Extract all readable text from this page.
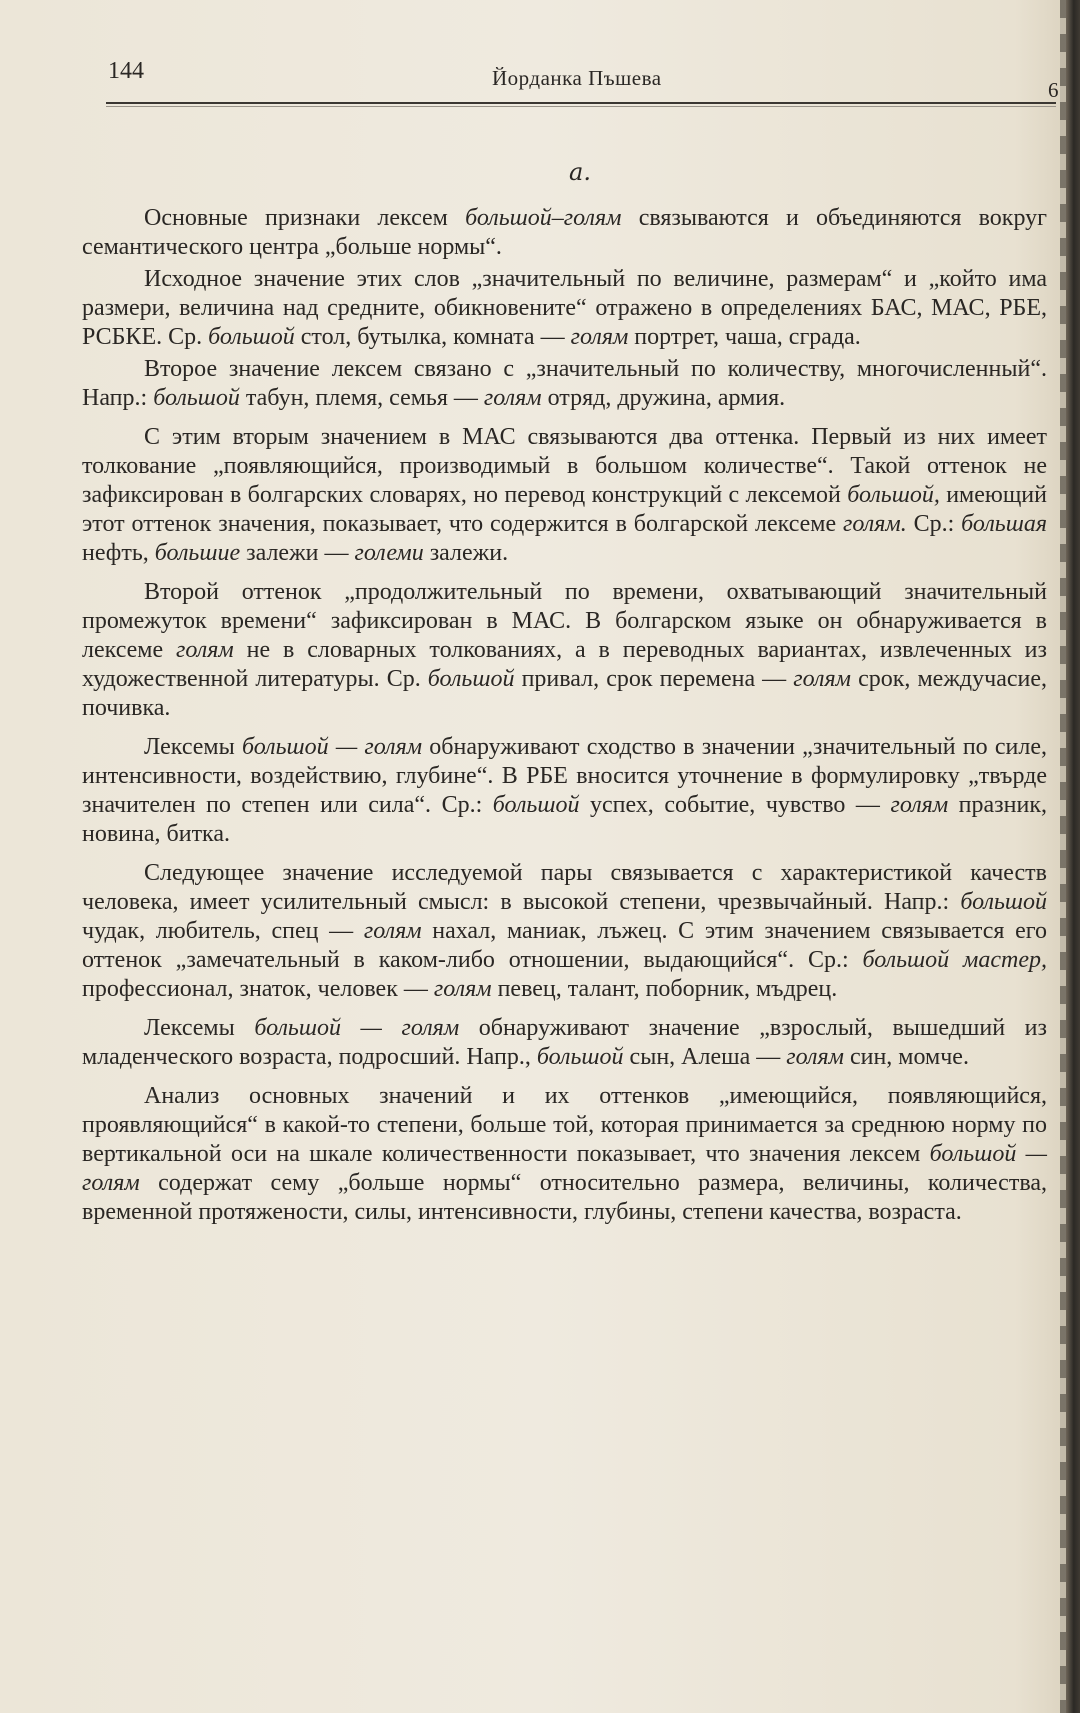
144	Йорданка Пъшева	6
а.

Основные признаки лексем большой–голям связываются и объединяются вокруг семантического центра „больше нормы“.

Исходное значение этих слов „значительный по величине, размерам“ и „който има размери, величина над средните, обикновените“ отражено в определениях БАС, МАС, РБЕ, РСБКЕ. Ср. большой стол, бутылка, комната — голям портрет, чаша, сграда.

Второе значение лексем связано с „значительный по количеству, многочисленный“. Напр.: большой табун, племя, семья — голям отряд, дружина, армия.

С этим вторым значением в МАС связываются два оттенка. Первый из них имеет толкование „появляющийся, производимый в большом количестве“. Такой оттенок не зафиксирован в болгарских словарях, но перевод конструкций с лексемой большой, имеющий этот оттенок значения, показывает, что содержится в болгарской лексеме голям. Ср.: большая нефть, большие залежи — големи залежи.

Второй оттенок „продолжительный по времени, охватывающий значительный промежуток времени“ зафиксирован в МАС. В болгарском языке он обнаруживается в лексеме голям не в словарных толкованиях, а в переводных вариантах, извлеченных из художественной литературы. Ср. большой привал, срок перемена — голям срок, междучасие, почивка.

Лексемы большой — голям обнаруживают сходство в значении „значительный по силе, интенсивности, воздействию, глубине“. В РБЕ вносится уточнение в формулировку „твърде значителен по степен или сила“. Ср.: большой успех, событие, чувство — голям празник, новина, битка.

Следующее значение исследуемой пары связывается с характеристикой качеств человека, имеет усилительный смысл: в высокой степени, чрезвычайный. Напр.: большой чудак, любитель, спец — голям нахал, маниак, лъжец. С этим значением связывается его оттенок „замечательный в каком-либо отношении, выдающийся“. Ср.: большой мастер, профессионал, знаток, человек — голям певец, талант, поборник, мъдрец.

Лексемы большой — голям обнаруживают значение „взрослый, вышедший из младенческого возраста, подросший. Напр., большой сын, Алеша — голям син, момче.

Анализ основных значений и их оттенков „имеющийся, появляющийся, проявляющийся“ в какой-то степени, больше той, которая принимается за среднюю норму по вертикальной оси на шкале количественности показывает, что значения лексем большой — голям содержат сему „больше нормы“ относительно размера, величины, количества, временной протяжености, силы, интенсивности, глубины, степени качества, возраста.
